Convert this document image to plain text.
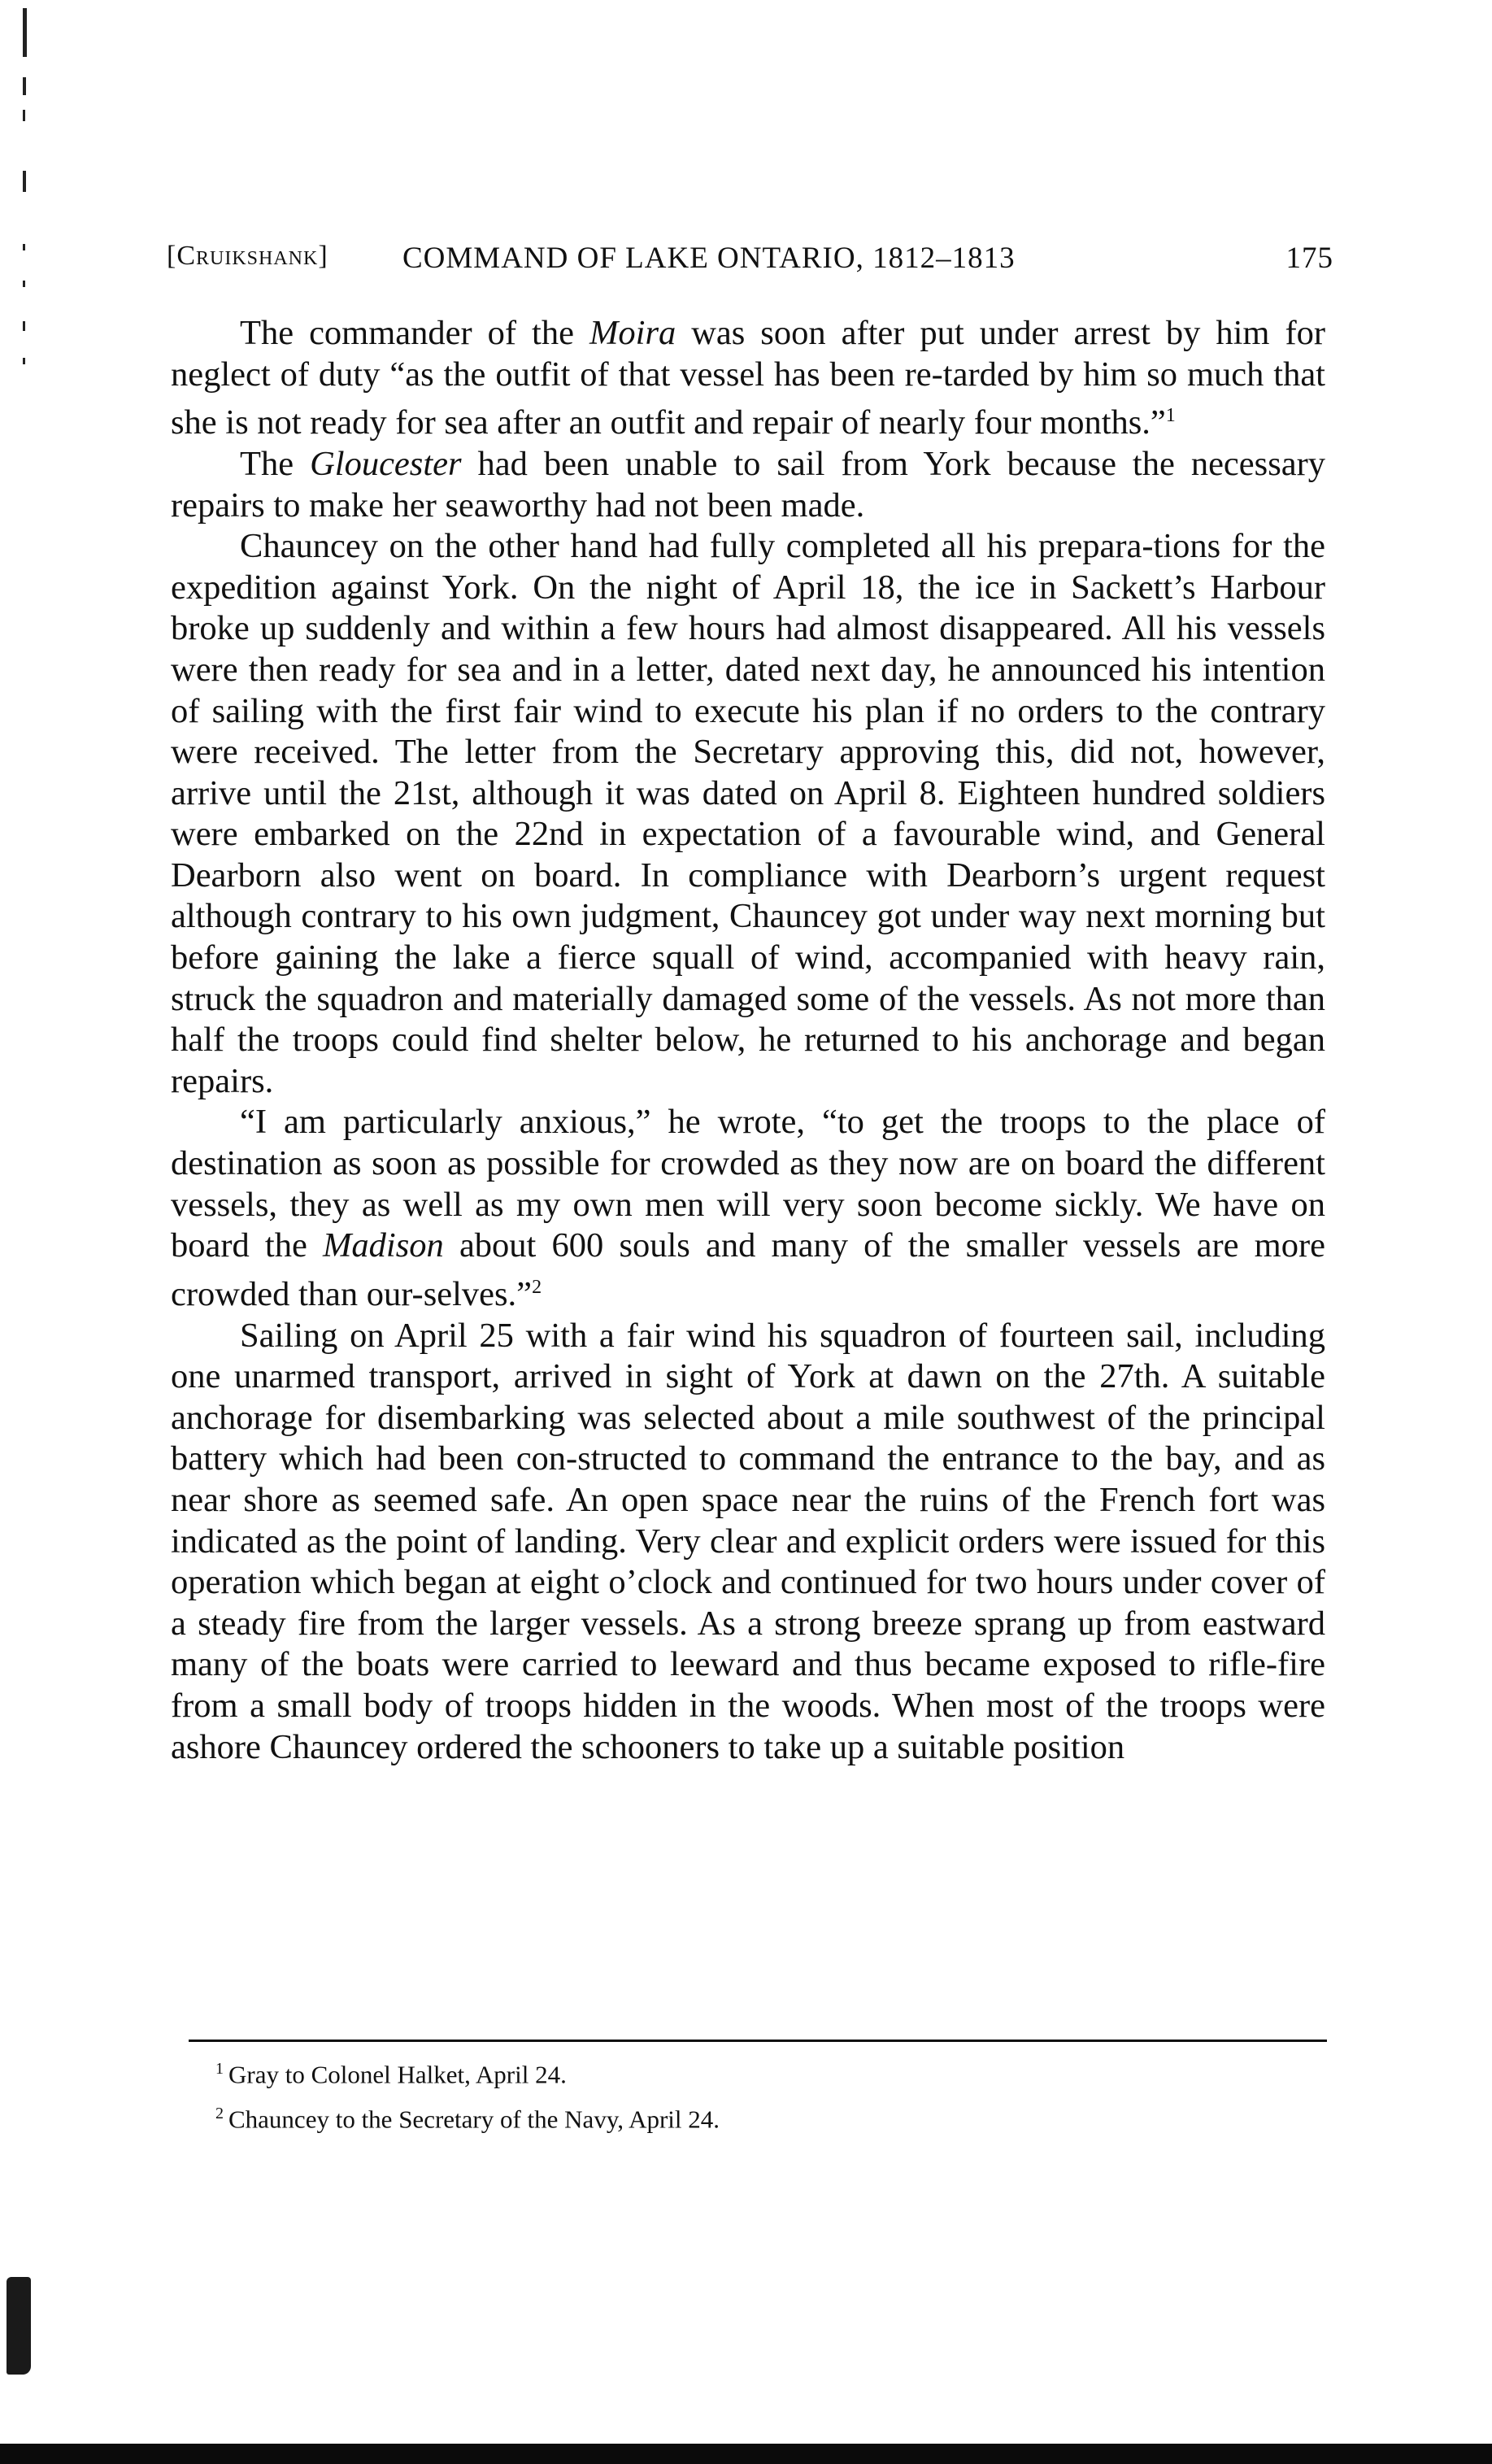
[Cruikshank] COMMAND OF LAKE ONTARIO, 1812–1813	175

The commander of the Moira was soon after put under arrest by him for neglect of duty “as the outfit of that vessel has been re-tarded by him so much that she is not ready for sea after an outfit and repair of nearly four months.”$^1$

The Gloucester had been unable to sail from York because the necessary repairs to make her seaworthy had not been made.

Chauncey on the other hand had fully completed all his prepara-tions for the expedition against York. On the night of April 18, the ice in Sackett’s Harbour broke up suddenly and within a few hours had almost disappeared. All his vessels were then ready for sea and in a letter, dated next day, he announced his intention of sailing with the first fair wind to execute his plan if no orders to the contrary were received. The letter from the Secretary approving this, did not, however, arrive until the 21st, although it was dated on April 8. Eighteen hundred soldiers were embarked on the 22nd in expectation of a favourable wind, and General Dearborn also went on board. In compliance with Dearborn’s urgent request although contrary to his own judgment, Chauncey got under way next morning but before gaining the lake a fierce squall of wind, accompanied with heavy rain, struck the squadron and materially damaged some of the vessels. As not more than half the troops could find shelter below, he returned to his anchorage and began repairs.

“I am particularly anxious,” he wrote, “to get the troops to the place of destination as soon as possible for crowded as they now are on board the different vessels, they as well as my own men will very soon become sickly. We have on board the Madison about 600 souls and many of the smaller vessels are more crowded than our-selves.”$^2$

Sailing on April 25 with a fair wind his squadron of fourteen sail, including one unarmed transport, arrived in sight of York at dawn on the 27th. A suitable anchorage for disembarking was selected about a mile southwest of the principal battery which had been con-structed to command the entrance to the bay, and as near shore as seemed safe. An open space near the ruins of the French fort was indicated as the point of landing. Very clear and explicit orders were issued for this operation which began at eight o’clock and continued for two hours under cover of a steady fire from the larger vessels. As a strong breeze sprang up from eastward many of the boats were carried to leeward and thus became exposed to rifle-fire from a small body of troops hidden in the woods. When most of the troops were ashore Chauncey ordered the schooners to take up a suitable position

$^1$ Gray to Colonel Halket, April 24.
$^2$ Chauncey to the Secretary of the Navy, April 24.
